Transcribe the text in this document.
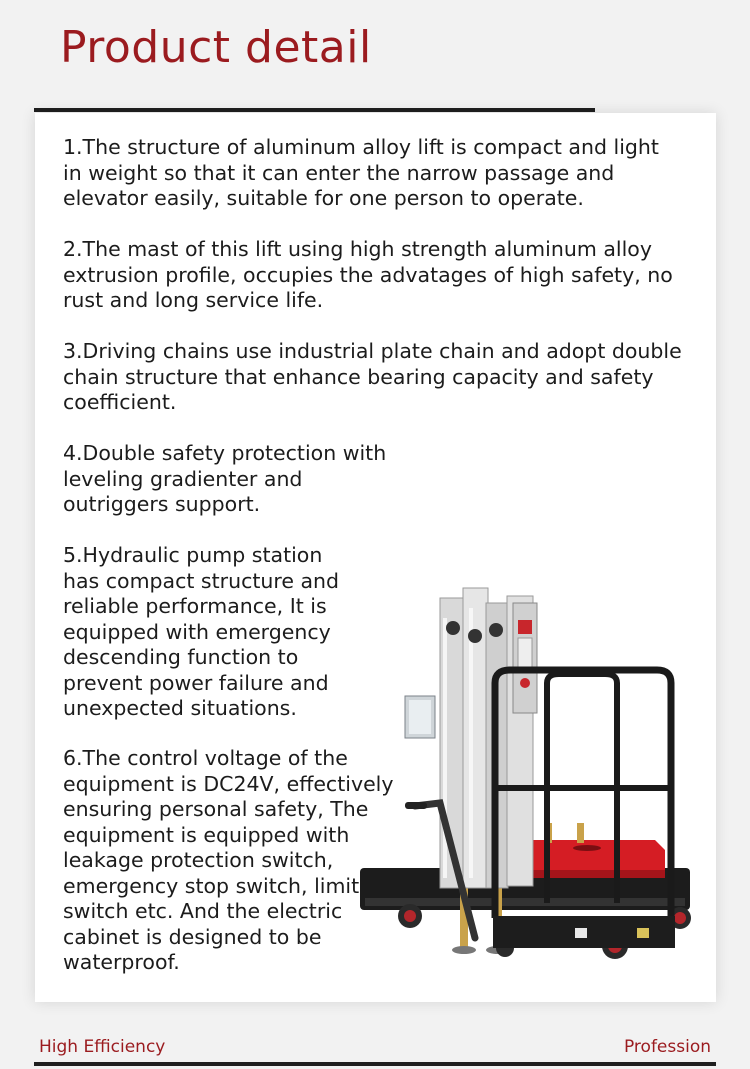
Product detail

1.The structure of aluminum alloy lift is compact and light in weight so that it can enter the narrow passage and elevator easily, suitable for one person to operate.

2.The mast of this lift using high strength aluminum alloy extrusion profile, occupies the advatages of high safety, no rust and long service life.

3.Driving chains use industrial plate chain and adopt double chain structure that enhance bearing capacity and safety coefficient.

4.Double safety protection with leveling gradienter and outriggers support.

5.Hydraulic pump station has compact structure and reliable performance, It is equipped with emergency descending function to prevent power failure and unexpected situations.

6.The control voltage of the equipment is DC24V, effectively ensuring personal safety, The equipment is equipped with leakage protection switch, emergency stop switch, limit switch etc. And the electric cabinet is designed to be waterproof.

High Efficiency	Profession
